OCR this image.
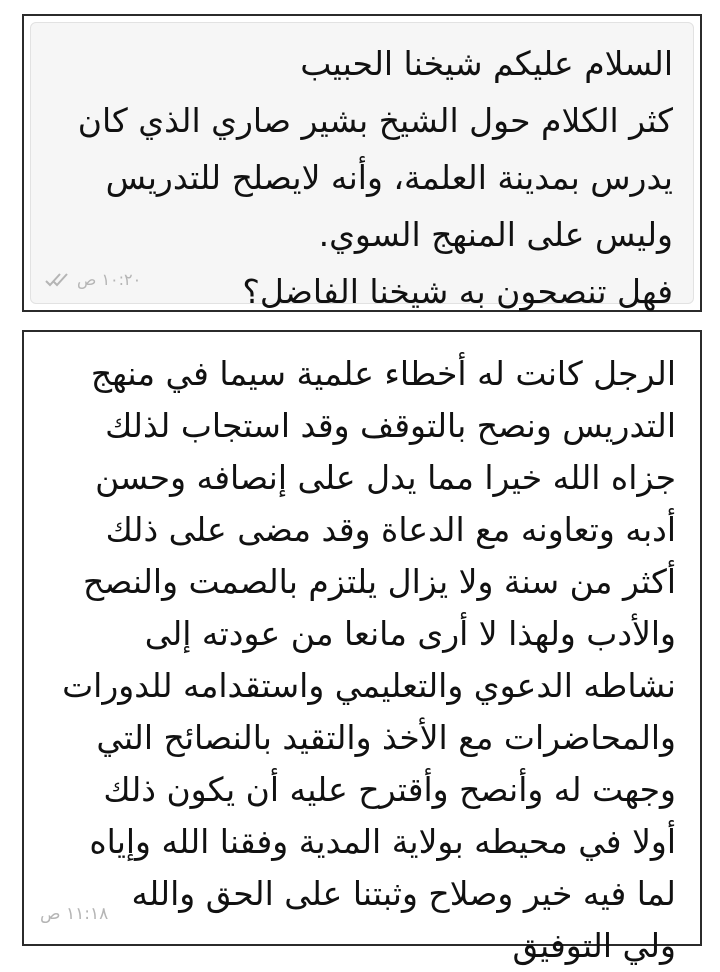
السلام عليكم شيخنا الحبيب
كثر الكلام حول الشيخ بشير صاري الذي كان
يدرس بمدينة العلمة، وأنه لايصلح للتدريس
وليس على المنهج السوي.
فهل تنصحون به شيخنا الفاضل؟

١٠:٢٠ ص

الرجل كانت له أخطاء علمية سيما في منهج
التدريس ونصح بالتوقف وقد استجاب لذلك
جزاه الله خيرا مما يدل على إنصافه وحسن
أدبه وتعاونه مع الدعاة وقد مضى على ذلك
أكثر من سنة ولا يزال يلتزم بالصمت والنصح
والأدب ولهذا لا أرى مانعا من عودته إلى
نشاطه الدعوي والتعليمي واستقدامه للدورات
والمحاضرات مع الأخذ والتقيد بالنصائح التي
وجهت له وأنصح وأقترح عليه أن يكون ذلك
أولا في محيطه بولاية المدية وفقنا الله وإياه
لما فيه خير وصلاح وثبتنا على الحق والله
ولي التوفيق

١١:١٨ ص
